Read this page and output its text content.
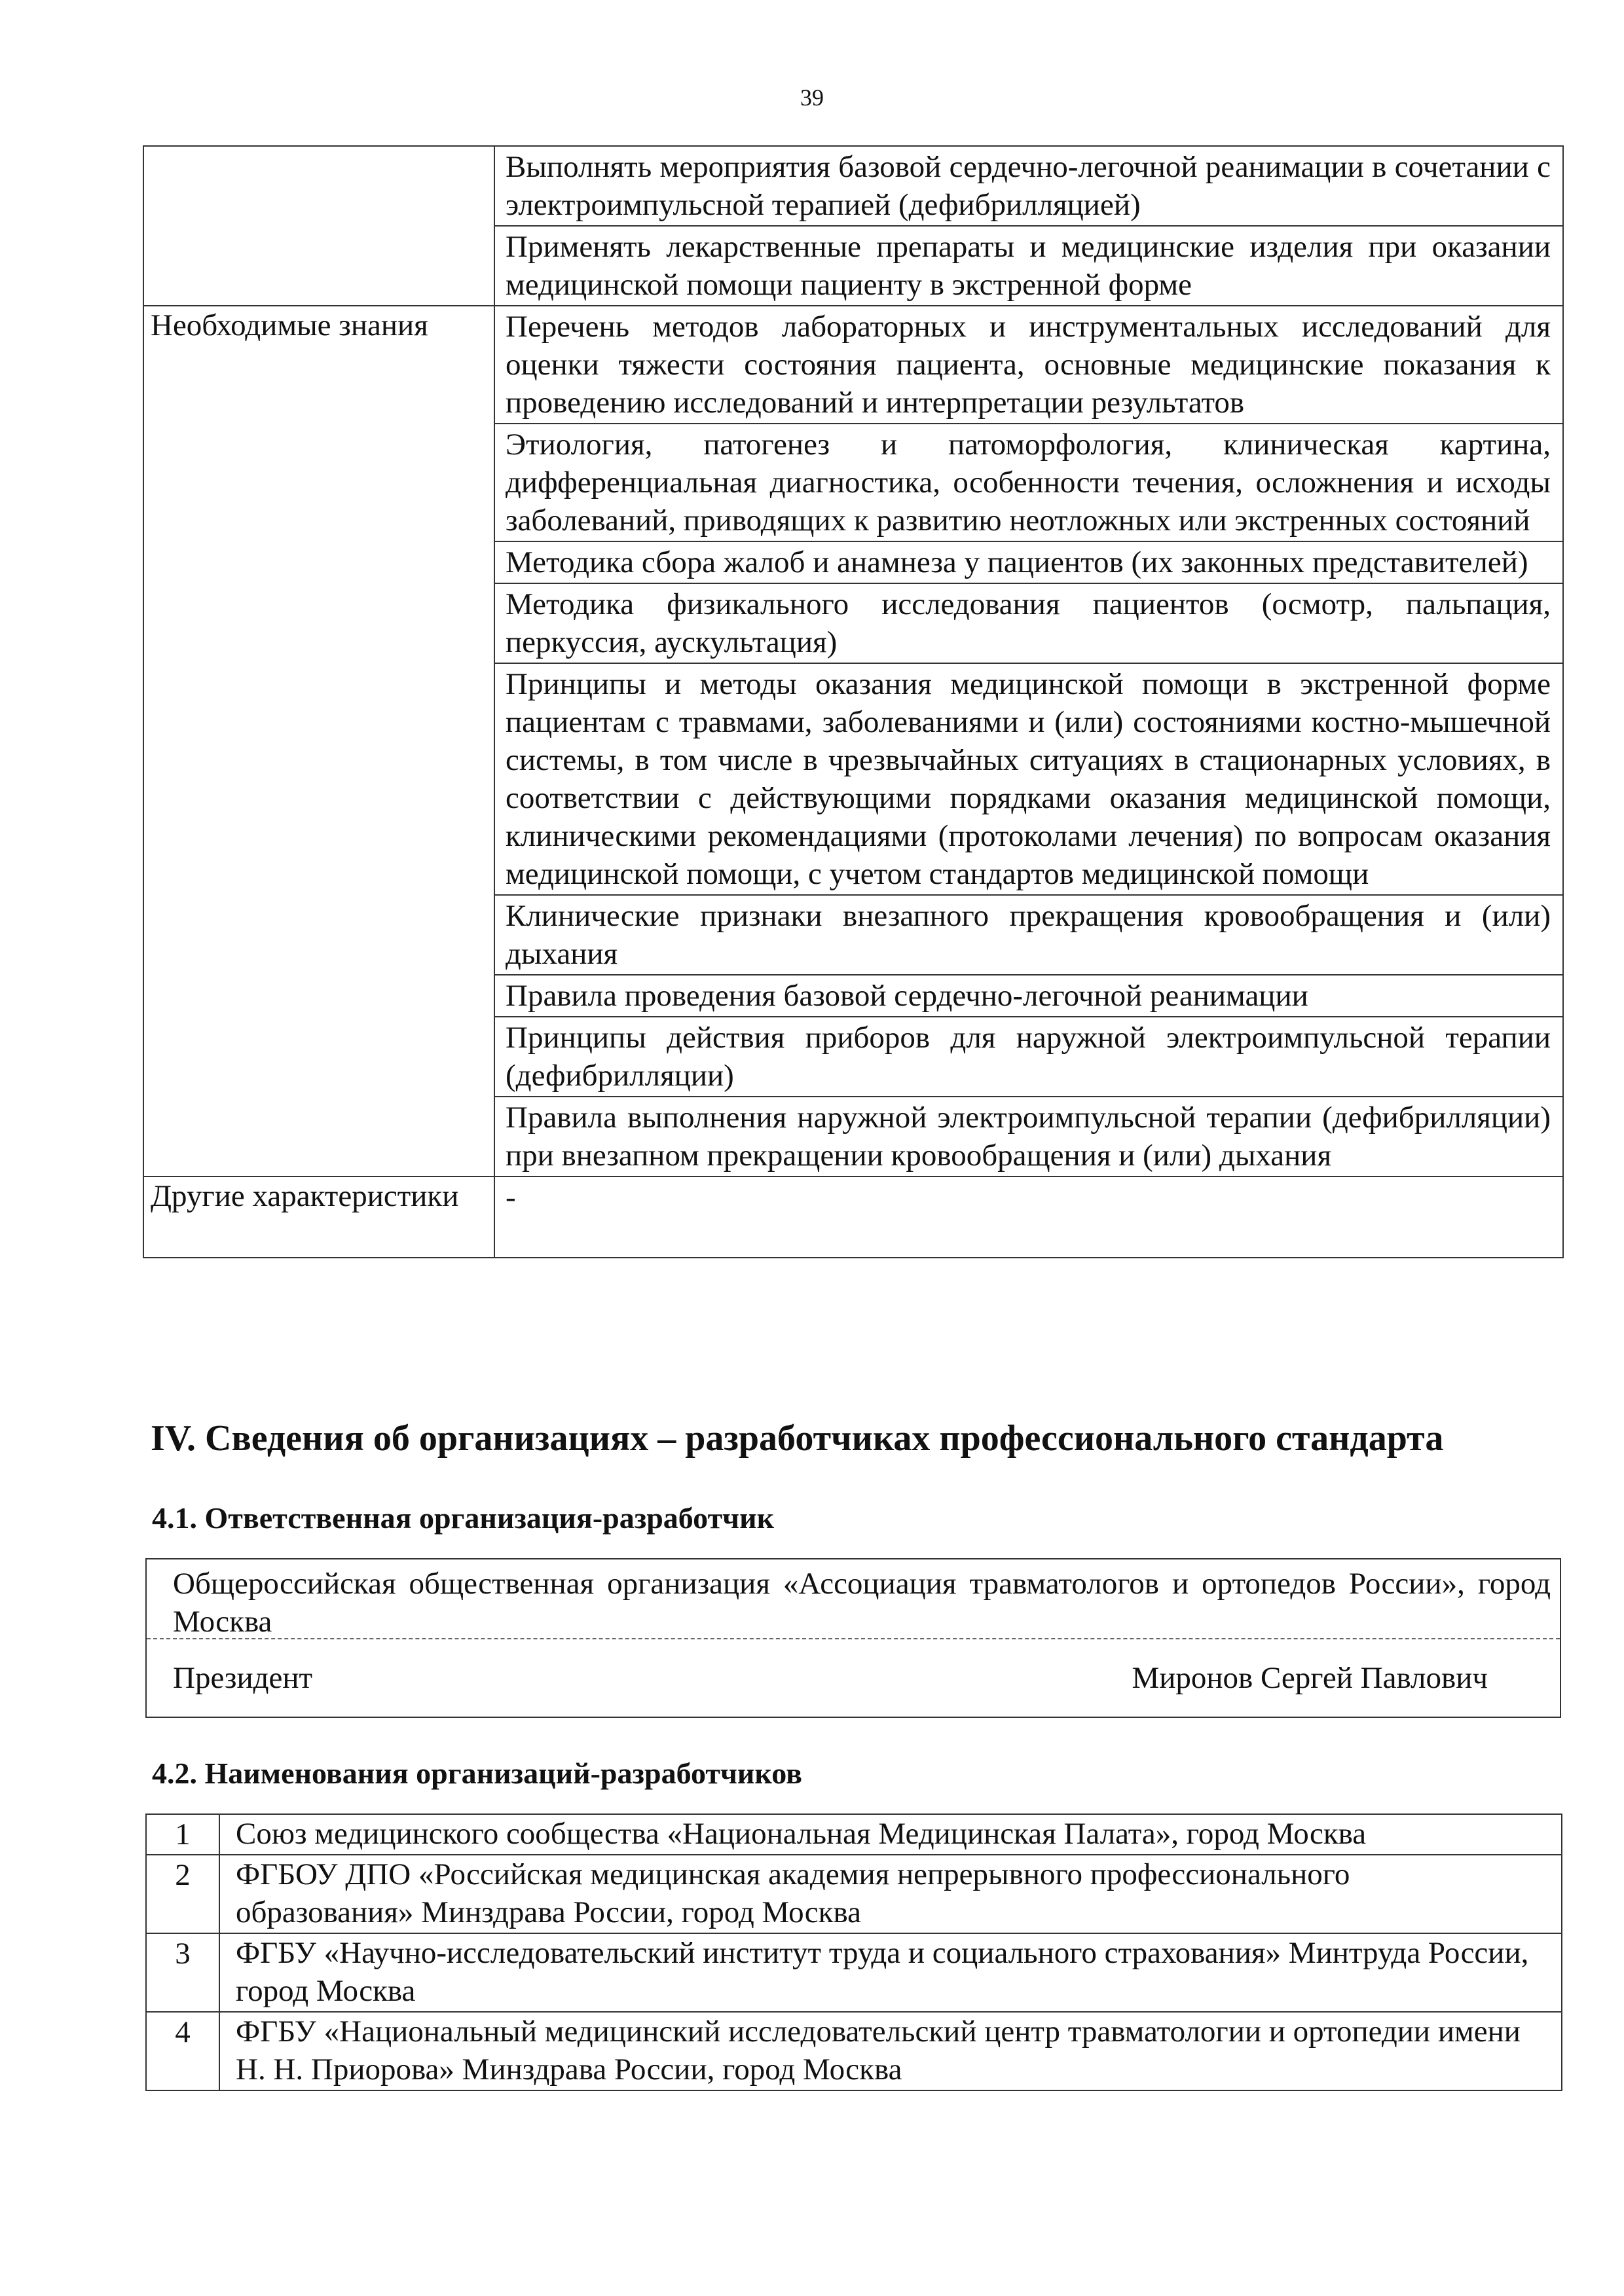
39
	Выполнять мероприятия базовой сердечно-легочной реанимации в сочетании с электроимпульсной терапией (дефибрилляцией)
	Применять лекарственные препараты и медицинские изделия при оказании медицинской помощи пациенту в экстренной форме
Необходимые знания	Перечень методов лабораторных и инструментальных исследований для оценки тяжести состояния пациента, основные медицинские показания к проведению исследований и интерпретации результатов
	Этиология, патогенез и патоморфология, клиническая картина, дифференциальная диагностика, особенности течения, осложнения и исходы заболеваний, приводящих к развитию неотложных или экстренных состояний
	Методика сбора жалоб и анамнеза у пациентов (их законных представителей)
	Методика физикального исследования пациентов (осмотр, пальпация, перкуссия, аускультация)
	Принципы и методы оказания медицинской помощи в экстренной форме пациентам с травмами, заболеваниями и (или) состояниями костно-мышечной системы, в том числе в чрезвычайных ситуациях в стационарных условиях, в соответствии с действующими порядками оказания медицинской помощи, клиническими рекомендациями (протоколами лечения) по вопросам оказания медицинской помощи, с учетом стандартов медицинской помощи
	Клинические признаки внезапного прекращения кровообращения и (или) дыхания
	Правила проведения базовой сердечно-легочной реанимации
	Принципы действия приборов для наружной электроимпульсной терапии (дефибрилляции)
	Правила выполнения наружной электроимпульсной терапии (дефибрилляции) при внезапном прекращении кровообращения и (или) дыхания
Другие характеристики	-
IV. Сведения об организациях – разработчиках профессионального стандарта
4.1. Ответственная организация-разработчик
Общероссийская общественная организация «Ассоциация травматологов и ортопедов России», город Москва
Президент	Миронов Сергей Павлович
4.2. Наименования организаций-разработчиков
1	Союз медицинского сообщества «Национальная Медицинская Палата», город Москва
2	ФГБОУ ДПО «Российская медицинская академия непрерывного профессионального образования» Минздрава России, город Москва
3	ФГБУ «Научно-исследовательский институт труда и социального страхования» Минтруда России, город Москва
4	ФГБУ «Национальный медицинский исследовательский центр травматологии и ортопедии имени Н. Н. Приорова» Минздрава России, город Москва
